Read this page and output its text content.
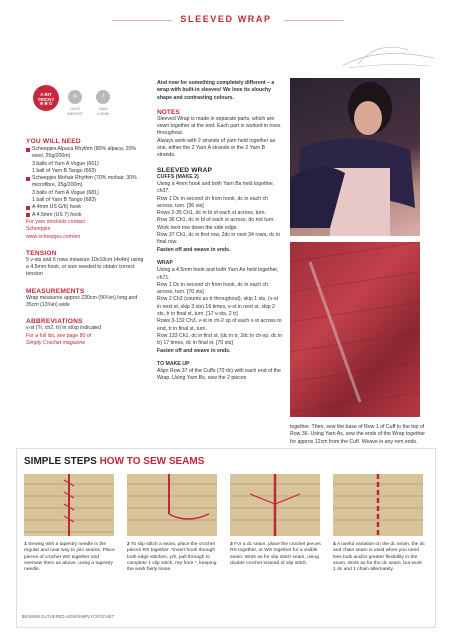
SLEEVED WRAP
A BIT
TRICKY
★★☆
✕
LACE WEIGHT
/
4MM 4.5MM
YOU WILL NEED
Scheepjes Alpaca Rhythm (80% alpaca, 20% wool, 25g/200m)
3 balls of Yarn A Vogue (661)
1 ball of Yarn B Tango (663)
Scheepjes Mohair Rhythm (70% mohair, 30% microfibre, 25g/200m)
3 balls of Yarn A Vogue (681)
1 ball of Yarn B Tango (683)
A 4mm US G/6) hook
A 4.5mm (US 7) hook
For yarn stockists contact
Scheepjes
www.scheepjes.com/en
TENSION
5 v-sts and 6 rows measure 10x10cm (4x4in) using a 4.5mm hook, or size needed to obtain correct tension
MEASUREMENTS
Wrap measures approx 230cm (90½in) long and 35cm (13¾in) wide
ABBREVIATIONS
v-st (Tr, ch2, tr) in st/sp indicated
For a full list, see page 80 of
Simply Crochet magazine
And now for something completely different – a wrap with built-in sleeves! We love its slouchy shape and contrasting colours.
NOTES
Sleeved Wrap is made in separate parts, which are sewn together at the end. Each part is worked in rows throughout.
Always work with 2 strands of yarn held together as one, either the 2 Yarn A strands or the 2 Yarn B strands.
SLEEVED WRAP
CUFFS (MAKE 2)
Using a 4mm hook and both Yarn Bs held together, ch37.
Row 1 Dc in second ch from hook, dc in each ch across, turn. [36 sts]
Rows 2-35 Ch1, dc in bl of each st across, turn.
Row 36 Ch1, dc in bl of each st across, do not turn.
Work next row down the side edge.
Row 37 Ch1, dc in first row, 2dc in next 34 rows, dc in final row.
Fasten off and weave in ends.
WRAP
Using a 4.5mm hook and both Yarn As held together, ch71.
Row 1 Dc in second ch from hook, dc in each ch across, turn. [70 sts]
Row 2 Ch3 (counts as tr throughout), skip 1 sts, (v-st in next st, skip 3 sts) 16 times, v-st in next st, skip 2 sts, tr in final st, turn. [17 v-sts, 2 tr]
Rows 3-132 Ch3, v-st in ch-2 sp of each v-st across to end, tr in final st, turn.
Row 133 Ch1, dc in first st, (dc in tr, 2dc in ch-sp, dc in tr) 17 times, dc in final st. [70 sts]
Fasten off and weave in ends.
TO MAKE UP
Align Row 37 of the Cuffs (70 dc) with each end of the Wrap. Using Yarn Bs, sew the 2 pieces
together. Then, sew the base of Row 1 of Cuff to the top of Row 36. Using Yarn As, sew the ends of the Wrap together for approx 12cm from the Cuff. Weave in any rem ends.
SIMPLE STEPS HOW TO SEW SEAMS
1 Sewing with a tapestry needle is the regular and neat way to join seams. Place pieces of crochet WS together and oversew them as above, using a tapestry needle.
2 To slip stitch a seam, place the crochet pieces RS together. *Insert hook through both edge stitches, yrh, pull through to complete 1 slip stitch; rep from *, keeping the work fairly loose.
3 For a dc seam, place the crochet pieces RS together, or WS together for a visible seam. Work as for slip stitch seam, using double crochet instead of slip stitch.
4 A useful variation on the dc seam, the dc and chain seam is used when you need less bulk and/or greater flexibility in the seam. Work as for the dc seam, but work 1 dc and 1 chain alternately.
24 WWW.GATHERED.HOW/SIMPLYCROCHET
